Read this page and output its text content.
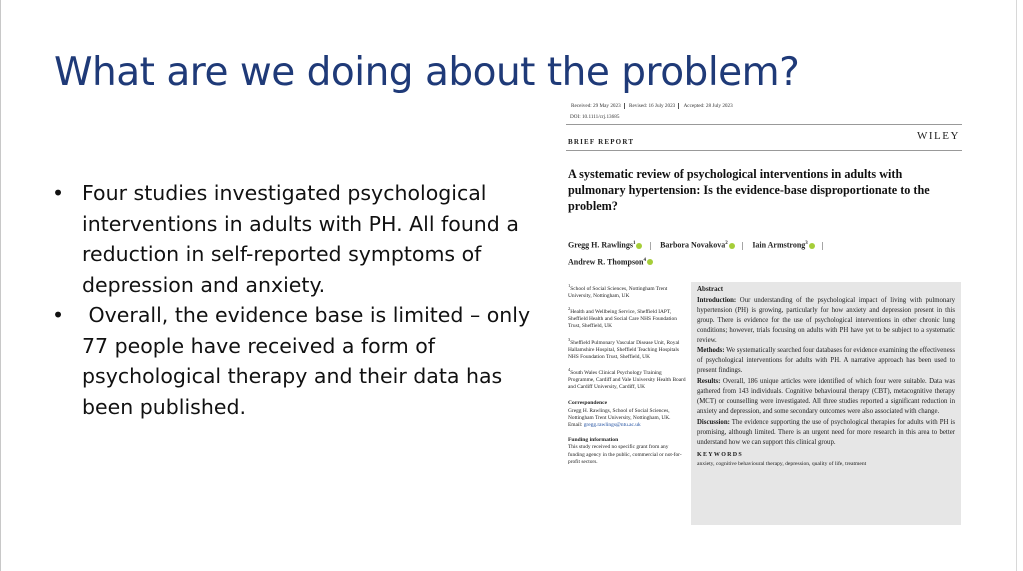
What are we doing about the problem?
• Four studies investigated psychological interventions in adults with PH. All found a reduction in self-reported symptoms of depression and anxiety.
• Overall, the evidence base is limited – only 77 people have received a form of psychological therapy and their data has been published.
Received: 29 May 2023 Revised: 16 July 2023 Accepted: 28 July 2023
DOI: 10.1111/crj.13685
BRIEF REPORT	WILEY
A systematic review of psychological interventions in adults with pulmonary hypertension: Is the evidence-base disproportionate to the problem?
Gregg H. Rawlings$^1$ | Barbora Novakova$^2$ | Iain Armstrong$^3$ |
Andrew R. Thompson$^4$

$^1$School of Social Sciences, Nottingham Trent University, Nottingham, UK

$^2$Health and Wellbeing Service, Sheffield IAPT, Sheffield Health and Social Care NHS Foundation Trust, Sheffield, UK

$^3$Sheffield Pulmonary Vascular Disease Unit, Royal Hallamshire Hospital, Sheffield Teaching Hospitals NHS Foundation Trust, Sheffield, UK

$^4$South Wales Clinical Psychology Training Programme, Cardiff and Vale University Health Board and Cardiff University, Cardiff, UK

Correspondence

Gregg H. Rawlings, School of Social Sciences, Nottingham Trent University, Nottingham, UK.

Email: gregg.rawlings@ntu.ac.uk

Funding information

This study received no specific grant from any funding agency in the public, commercial or not-for-profit sectors.

Abstract

Introduction: Our understanding of the psychological impact of living with pulmonary hypertension (PH) is growing, particularly for how anxiety and depression present in this group. There is evidence for the use of psychological interventions in other chronic lung conditions; however, trials focusing on adults with PH have yet to be subject to a systematic review.

Methods: We systematically searched four databases for evidence examining the effectiveness of psychological interventions for adults with PH. A narrative approach has been used to present findings.

Results: Overall, 186 unique articles were identified of which four were suitable. Data was gathered from 143 individuals. Cognitive behavioural therapy (CBT), metacognitive therapy (MCT) or counselling were investigated. All three studies reported a significant reduction in anxiety and depression, and some secondary outcomes were also associated with change.

Discussion: The evidence supporting the use of psychological therapies for adults with PH is promising, although limited. There is an urgent need for more research in this area to better understand how we can support this clinical group.

KEYWORDS
anxiety, cognitive behavioural therapy, depression, quality of life, treatment
